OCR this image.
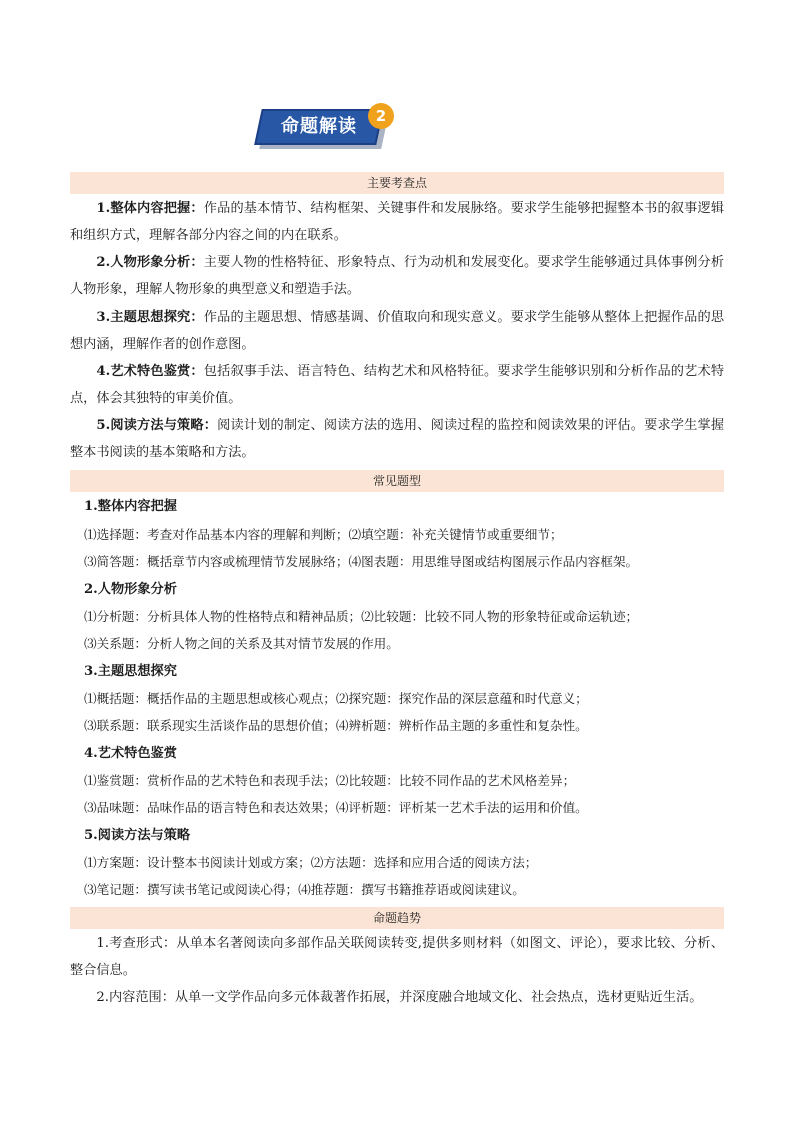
命题解读	2
主要考查点

1.整体内容把握：作品的基本情节、结构框架、关键事件和发展脉络。要求学生能够把握整本书的叙事逻辑和组织方式，理解各部分内容之间的内在联系。

2.人物形象分析：主要人物的性格特征、形象特点、行为动机和发展变化。要求学生能够通过具体事例分析人物形象，理解人物形象的典型意义和塑造手法。

3.主题思想探究：作品的主题思想、情感基调、价值取向和现实意义。要求学生能够从整体上把握作品的思想内涵，理解作者的创作意图。

4.艺术特色鉴赏：包括叙事手法、语言特色、结构艺术和风格特征。要求学生能够识别和分析作品的艺术特点，体会其独特的审美价值。

5.阅读方法与策略：阅读计划的制定、阅读方法的选用、阅读过程的监控和阅读效果的评估。要求学生掌握整本书阅读的基本策略和方法。

常见题型
1.整体内容把握

⑴选择题：考查对作品基本内容的理解和判断；⑵填空题：补充关键情节或重要细节；

⑶简答题：概括章节内容或梳理情节发展脉络；⑷图表题：用思维导图或结构图展示作品内容框架。

2.人物形象分析

⑴分析题：分析具体人物的性格特点和精神品质；⑵比较题：比较不同人物的形象特征或命运轨迹；

⑶关系题：分析人物之间的关系及其对情节发展的作用。

3.主题思想探究

⑴概括题：概括作品的主题思想或核心观点；⑵探究题：探究作品的深层意蕴和时代意义；

⑶联系题：联系现实生活谈作品的思想价值；⑷辨析题：辨析作品主题的多重性和复杂性。

4.艺术特色鉴赏

⑴鉴赏题：赏析作品的艺术特色和表现手法；⑵比较题：比较不同作品的艺术风格差异；

⑶品味题：品味作品的语言特色和表达效果；⑷评析题：评析某一艺术手法的运用和价值。

5.阅读方法与策略

⑴方案题：设计整本书阅读计划或方案；⑵方法题：选择和应用合适的阅读方法；

⑶笔记题：撰写读书笔记或阅读心得；⑷推荐题：撰写书籍推荐语或阅读建议。

命题趋势

1.考查形式：从单本名著阅读向多部作品关联阅读转变,提供多则材料（如图文、评论），要求比较、分析、整合信息。

2.内容范围：从单一文学作品向多元体裁著作拓展，并深度融合地域文化、社会热点，选材更贴近生活。
